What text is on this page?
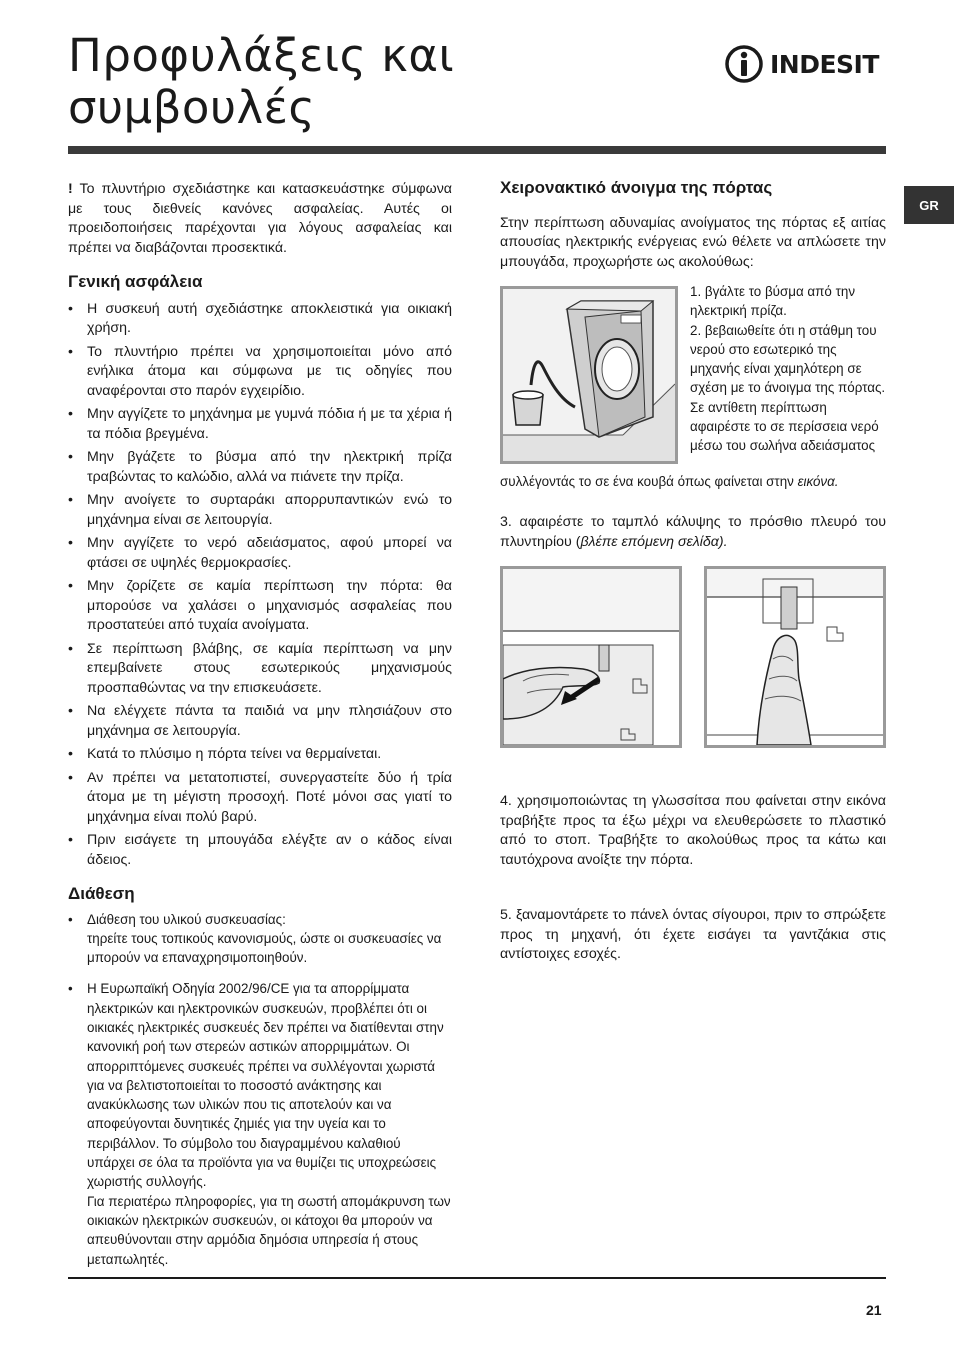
Προφυλάξεις και
συμβουλές
INDESIT
GR

! Το πλυντήριο σχεδιάστηκε και κατασκευάστηκε σύμφωνα με τους διεθνείς κανόνες ασφαλείας. Αυτές οι προειδοποιήσεις παρέχονται για λόγους ασφαλείας και πρέπει να διαβάζονται προσεκτικά.

Γενική ασφάλεια
• Η συσκευή αυτή σχεδιάστηκε αποκλειστικά για οικιακή χρήση.
• Το πλυντήριο πρέπει να χρησιμοποιείται μόνο από ενήλικα άτομα και σύμφωνα με τις οδηγίες που αναφέρονται στο παρόν εγχειρίδιο.
• Μην αγγίζετε το μηχάνημα με γυμνά πόδια ή με τα χέρια ή τα πόδια βρεγμένα.
• Μην βγάζετε το βύσμα από την ηλεκτρική πρίζα τραβώντας το καλώδιο, αλλά να πιάνετε την πρίζα.
• Μην ανοίγετε το συρταράκι απορρυπαντικών ενώ το μηχάνημα είναι σε λειτουργία.
• Μην αγγίζετε το νερό αδειάσματος, αφού μπορεί να φτάσει σε υψηλές θερμοκρασίες.
• Μην ζορίζετε σε καμία περίπτωση την πόρτα: θα μπορούσε να χαλάσει ο μηχανισμός ασφαλείας που προστατεύει από τυχαία ανοίγματα.
• Σε περίπτωση βλάβης, σε καμία περίπτωση να μην επεμβαίνετε στους εσωτερικούς μηχανισμούς προσπαθώντας να την επισκευάσετε.
• Να ελέγχετε πάντα τα παιδιά να μην πλησιάζουν στο μηχάνημα σε λειτουργία.
• Κατά το πλύσιμο η πόρτα τείνει να θερμαίνεται.
• Αν πρέπει να μετατοπιστεί, συνεργαστείτε δύο ή τρία άτομα με τη μέγιστη προσοχή. Ποτέ μόνοι σας γιατί το μηχάνημα είναι πολύ βαρύ.
• Πριν εισάγετε τη μπουγάδα ελέγξτε αν ο κάδος είναι άδειος.
Διάθεση
• Διάθεση του υλικού συσκευασίας:
τηρείτε τους τοπικούς κανονισμούς, ώστε οι συσκευασίες να μπορούν να επαναχρησιμοποιηθούν.
• Η Ευρωπαϊκή Οδηγία 2002/96/CE για τα απορρίμματα ηλεκτρικών και ηλεκτρονικών συσκευών, προβλέπει ότι οι οικιακές ηλεκτρικές συσκευές δεν πρέπει να διατίθενται στην κανονική ροή των στερεών αστικών απορριμμάτων. Οι απορριπτόμενες συσκευές πρέπει να συλλέγονται χωριστά για να βελτιστοποιείται το ποσοστό ανάκτησης και ανακύκλωσης των υλικών που τις αποτελούν και να αποφεύγονται δυνητικές ζημιές για την υγεία και το περιβάλλον. Το σύμβολο του διαγραμμένου καλαθιού υπάρχει σε όλα τα προϊόντα για να θυμίζει τις υποχρεώσεις χωριστής συλλογής.
Για περιατέρω πληροφορίες, για τη σωστή απομάκρυνση των οικιακών ηλεκτρικών συσκευών, οι κάτοχοι θα μπορούν να απευθύνονταιι στην αρμόδια δημόσια υπηρεσία ή στους μεταπωλητές.
Χειρονακτικό άνοιγμα της πόρτας

Στην περίπτωση αδυναμίας ανοίγματος της πόρτας εξ αιτίας απουσίας ηλεκτρικής ενέργειας ενώ θέλετε να απλώσετε την μπουγάδα, προχωρήστε ως ακολούθως:

1. βγάλτε το βύσμα από την ηλεκτρική πρίζα.

2. βεβαιωθείτε ότι η στάθμη του νερού στο εσωτερικό της μηχανής είναι χαμηλότερη σε σχέση με το άνοιγμα της πόρτας. Σε αντίθετη περίπτωση αφαιρέστε το σε περίσσεια νερό μέσω του σωλήνα αδειάσματος

συλλέγοντάς το σε ένα κουβά όπως φαίνεται στην εικόνα.

3. αφαιρέστε το ταμπλό κάλυψης το πρόσθιο πλευρό του πλυντηρίου (βλέπε επόμενη σελίδα).

4. χρησιμοποιώντας τη γλωσσίτσα που φαίνεται στην εικόνα τραβήξτε προς τα έξω μέχρι να ελευθερώσετε το πλαστικό από το στοπ. Τραβήξτε το ακολούθως προς τα κάτω και ταυτόχρονα ανοίξτε την πόρτα.

5. ξαναμοντάρετε το πάνελ όντας σίγουροι, πριν το σπρώξετε προς τη μηχανή, ότι έχετε εισάγει τα γαντζάκια στις αντίστοιχες εσοχές.

21
